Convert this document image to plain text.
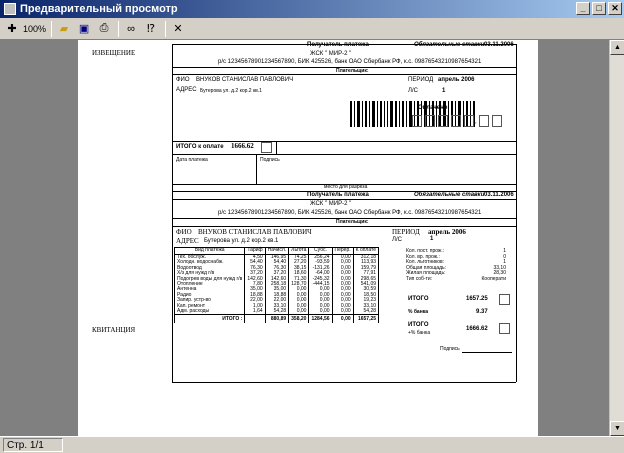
Предварительный просмотр	_	□	✕
✚ 100%	▰ ▣ ⎙	∞	⁉	✕
ИЗВЕЩЕНИЕ
КВИТАНЦИЯ
Получатель платежа	Обязательные ставки 03.11.2006
ЖСК " МИР-2 "
р/с 12345678901234567890, БИК 425526, банк ОАО Сбербанк РФ, к.с. 09876543210987654321
Плательщик:
ФИО ВНУКОВ СТАНИСЛАВ ПАВЛОВИЧ	ПЕРИОД апрель 2006
АДРЕС Бутерова ул. д.2 кор.2 кв.1	Л/С	1
Оплачено:
,
ИТОГО к оплате 1666.62
Дата платежа	Подпись
место для разреза
Получатель платежа	Обязательные ставки 03.11.2006
ЖСК " МИР-2 "
р/с 12345678901234567890, БИК 425526, банк ОАО Сбербанк РФ, к.с. 09876543210987654321
Плательщик:
ФИО ВНУКОВ СТАНИСЛАВ ПАВЛОВИЧ	ПЕРИОД апрель 2006
АДРЕС Бутерова ул. д.2 кор.2 кв.1	Л/С	1
Вид платежа	Тариф	Начисл.	Льгота	Субс.	Перер.	К оплате
Тех. обслуж.	4,50	146,95	74,25	256,24	0,00	312,18
Холодн. водоснабж.	54,40	54,40	27,20	-93,59	0,00	113,93
Водоотвод	76,30	76,30	38,15	-131,26	0,00	159,79
Х/з для нужд г/в	37,20	37,20	18,60	-64,00	0,00	77,91
Подогрев воды для нужд г/в	142,60	142,60	71,30	-245,32	0,00	298,65
Отопление	7,80	258,18	128,70	-444,15	0,00	541,09
Антенна	35,00	35,00	0,00	0,00	0,00	30,59
Радио	18,88	18,88	0,00	0,00	0,00	18,50
Запир. устр-во	22,00	22,00	0,00	0,00	0,00	19,23
Кап. ремонт	1,00	33,10	0,00	0,00	0,00	33,10
Адм. расходы	1,64	54,28	0,00	0,00	0,00	54,28
ИТОГО :		880,89	358,20	1284,56	0,00	1657,25
Кол. пост. прож.:	1
Кол. вр. прож.:	0
Кол. льготников:	1
Общая площадь:	33,10
Жилая площадь:	28,30
Тип соб-ти:	Кооперати
ИТОГО	1657.25
% банка	9.37
ИТОГО
+% банка
1666.62
Подпись
▲
▼
Стр. 1/1
